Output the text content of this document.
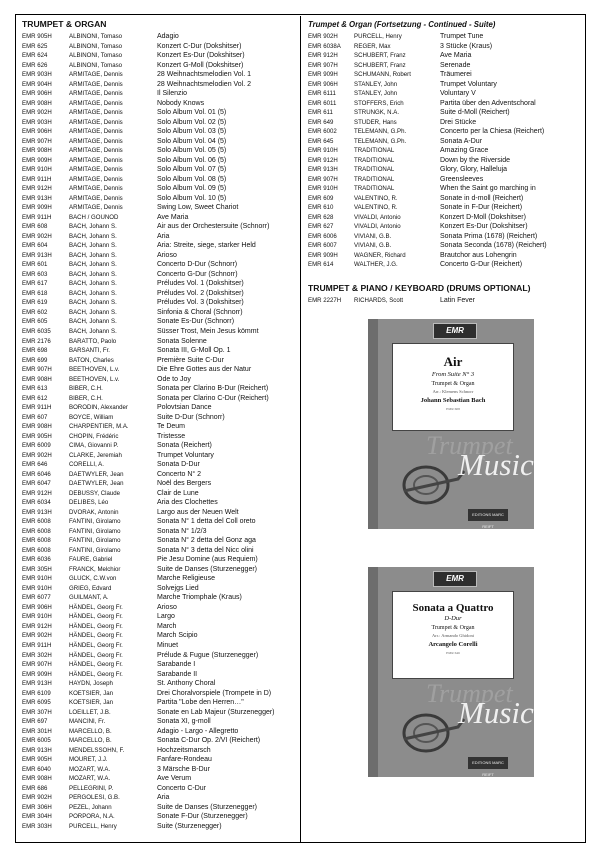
TRUMPET & ORGAN
EMR 905H	ALBINONI, Tomaso	Adagio
EMR 625	ALBINONI, Tomaso	Konzert C-Dur (Dokshitser)
EMR 624	ALBINONI, Tomaso	Konzert Es-Dur (Dokshitser)
EMR 626	ALBINONI, Tomaso	Konzert G-Moll (Dokshitser)
EMR 903H	ARMITAGE, Dennis	28 Weihnachtsmelodien Vol. 1
EMR 904H	ARMITAGE, Dennis	28 Weihnachtsmelodien Vol. 2
EMR 906H	ARMITAGE, Dennis	Il Silenzio
EMR 908H	ARMITAGE, Dennis	Nobody Knows
EMR 902H	ARMITAGE, Dennis	Solo Album Vol. 01 (5)
EMR 903H	ARMITAGE, Dennis	Solo Album Vol. 02 (5)
EMR 906H	ARMITAGE, Dennis	Solo Album Vol. 03 (5)
EMR 907H	ARMITAGE, Dennis	Solo Album Vol. 04 (5)
EMR 908H	ARMITAGE, Dennis	Solo Album Vol. 05 (5)
EMR 909H	ARMITAGE, Dennis	Solo Album Vol. 06 (5)
EMR 910H	ARMITAGE, Dennis	Solo Album Vol. 07 (5)
EMR 911H	ARMITAGE, Dennis	Solo Album Vol. 08 (5)
EMR 912H	ARMITAGE, Dennis	Solo Album Vol. 09 (5)
EMR 913H	ARMITAGE, Dennis	Solo Album Vol. 10 (5)
EMR 909H	ARMITAGE, Dennis	Swing Low, Sweet Chariot
EMR 911H	BACH / GOUNOD	Ave Maria
EMR 608	BACH, Johann S.	Air aus der Orchestersuite (Schnorr)
EMR 902H	BACH, Johann S.	Aria
EMR 604	BACH, Johann S.	Aria: Streite, siege, starker Held
EMR 913H	BACH, Johann S.	Arioso
EMR 601	BACH, Johann S.	Concerto D-Dur (Schnorr)
EMR 603	BACH, Johann S.	Concerto G-Dur (Schnorr)
EMR 617	BACH, Johann S.	Préludes Vol. 1 (Dokshitser)
EMR 618	BACH, Johann S.	Préludes Vol. 2 (Dokshitser)
EMR 619	BACH, Johann S.	Préludes Vol. 3 (Dokshitser)
EMR 602	BACH, Johann S.	Sinfonia & Choral (Schnorr)
EMR 605	BACH, Johann S.	Sonate Es-Dur (Schnorr)
EMR 6035	BACH, Johann S.	Süsser Trost, Mein Jesus kömmt
EMR 2176	BARATTO, Paolo	Sonata Solenne
EMR 698	BARSANTI, Fr.	Sonata III, G-Moll Op. 1
EMR 699	BATON, Charles	Première Suite C-Dur
EMR 907H	BEETHOVEN, L.v.	Die Ehre Gottes aus der Natur
EMR 908H	BEETHOVEN, L.v.	Ode to Joy
EMR 613	BIBER, C.H.	Sonata per Clarino B-Dur (Reichert)
EMR 612	BIBER, C.H.	Sonata per Clarino C-Dur (Reichert)
EMR 911H	BORODIN, Alexander	Polovtsian Dance
EMR 607	BOYCE, William	Suite D-Dur (Schnorr)
EMR 908H	CHARPENTIER, M.A.	Te Deum
EMR 905H	CHOPIN, Frédéric	Tristesse
EMR 6009	CIMA, Giovanni P.	Sonata (Reichert)
EMR 902H	CLARKE, Jeremiah	Trumpet Voluntary
EMR 646	CORELLI, A.	Sonata D-Dur
EMR 6046	DAETWYLER, Jean	Concerto N° 2
EMR 6047	DAETWYLER, Jean	Noël des Bergers
EMR 912H	DEBUSSY, Claude	Clair de Lune
EMR 6034	DELIBES, Léo	Aria des Clochettes
EMR 913H	DVORAK, Antonin	Largo aus der Neuen Welt
EMR 6008	FANTINI, Girolamo	Sonata N° 1 detta del Coll oreto
EMR 6008	FANTINI, Girolamo	Sonata N° 1/2/3
EMR 6008	FANTINI, Girolamo	Sonata N° 2 detta del Gonz aga
EMR 6008	FANTINI, Girolamo	Sonata N° 3 detta del Nicc olini
EMR 6036	FAURE, Gabriel	Pie Jesu Domine (aus Requiem)
EMR 305H	FRANCK, Melchior	Suite de Danses (Sturzenegger)
EMR 910H	GLUCK, C.W.von	Marche Religieuse
EMR 910H	GRIEG, Edvard	Solvejgs Lied
EMR 6077	GUILMANT, A.	Marche Triomphale (Kraus)
EMR 906H	HÄNDEL, Georg Fr.	Arioso
EMR 910H	HÄNDEL, Georg Fr.	Largo
EMR 912H	HÄNDEL, Georg Fr.	March
EMR 902H	HÄNDEL, Georg Fr.	March Scipio
EMR 911H	HÄNDEL, Georg Fr.	Minuet
EMR 302H	HÄNDEL, Georg Fr.	Prélude & Fugue (Sturzenegger)
EMR 907H	HÄNDEL, Georg Fr.	Sarabande I
EMR 909H	HÄNDEL, Georg Fr.	Sarabande II
EMR 913H	HAYDN, Joseph	St. Anthony Choral
EMR 6109	KOETSIER, Jan	Drei Choralvorspiele (Trompete in D)
EMR 6095	KOETSIER, Jan	Partita "Lobe den Herren…"
EMR 307H	LOEILLET, J.B.	Sonate en Lab Majeur (Sturzenegger)
EMR 697	MANCINI, Fr.	Sonata XI, g-moll
EMR 301H	MARCELLO, B.	Adagio - Largo - Allegretto
EMR 6005	MARCELLO, B.	Sonata C-Dur Op. 2/VI (Reichert)
EMR 913H	MENDELSSOHN, F.	Hochzeitsmarsch
EMR 905H	MOURET, J.J.	Fanfare-Rondeau
EMR 6040	MOZART, W.A.	3 Märsche B-Dur
EMR 908H	MOZART, W.A.	Ave Verum
EMR 686	PELLEGRINI, P.	Concerto C-Dur
EMR 902H	PERGOLESI, G.B.	Aria
EMR 306H	PEZEL, Johann	Suite de Danses (Sturzenegger)
EMR 304H	PORPORA, N.A.	Sonate F-Dur (Sturzenegger)
EMR 303H	PURCELL, Henry	Suite (Sturzenegger)
Trumpet & Organ (Fortsetzung - Continued - Suite)
EMR 902H	PURCELL, Henry	Trumpet Tune
EMR 6038A REGER, Max	3 Stücke (Kraus)
EMR 912H	SCHUBERT, Franz	Ave Maria
EMR 907H	SCHUBERT, Franz	Serenade
EMR 909H	SCHUMANN, Robert	Träumerei
EMR 906H	STANLEY, John	Trumpet Voluntary
EMR 6111	STANLEY, John	Voluntary V
EMR 6011	STOFFERS, Erich	Partita über den Adventschoral
EMR 611	STRUNGK, N.A.	Suite d-Moll (Reichert)
EMR 649	STUDER, Hans	Drei Stücke
EMR 6002	TELEMANN, G.Ph.	Concerto per la Chiesa (Reichert)
EMR 645	TELEMANN, G.Ph.	Sonata A-Dur
EMR 910H	TRADITIONAL	Amazing Grace
EMR 912H	TRADITIONAL	Down by the Riverside
EMR 913H	TRADITIONAL	Glory, Glory, Halleluja
EMR 907H	TRADITIONAL	Greensleeves
EMR 910H	TRADITIONAL	When the Saint go marching in
EMR 609	VALENTINO, R.	Sonate in d-moll (Reichert)
EMR 610	VALENTINO, R.	Sonate in F-Dur (Reichert)
EMR 628	VIVALDI, Antonio	Konzert D-Moll (Dokshitser)
EMR 627	VIVALDI, Antonio	Konzert Es-Dur (Dokshitser)
EMR 6006	VIVIANI, G.B.	Sonata Prima (1678) (Reichert)
EMR 6007	VIVIANI, G.B.	Sonata Seconda (1678) (Reichert)
EMR 909H	WAGNER, Richard	Brautchor aus Lohengrin
EMR 614	WALTHER, J.G.	Concerto G-Dur (Reichert)
TRUMPET & PIANO / KEYBOARD (DRUMS OPTIONAL)
EMR 2227H RICHARDS, Scott	Latin Fever
EMR
Air
From Suite N° 3
Trumpet & Organ
Arr.: Klemens Schnorr
Johann Sebastian Bach
EMR 608
Trumpet
Music
EDITIONS MARC REIFT
EMR
Sonata a Quattro
D-Dur
Trumpet & Organ
Arr.: Armando Ghidoni
Arcangelo Corelli
EMR 646
Trumpet
Music
EDITIONS MARC REIFT
